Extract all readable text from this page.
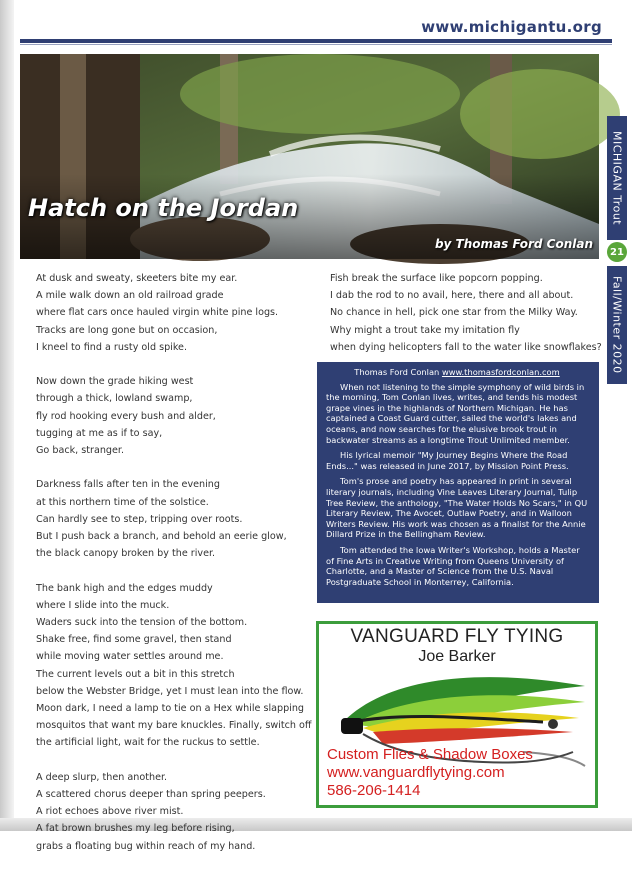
www.michigantu.org
Hatch on the Jordan
by Thomas Ford Conlan
MICHIGAN Trout
21
Fall/Winter 2020
At dusk and sweaty, skeeters bite my ear.
A mile walk down an old railroad grade
where flat cars once hauled virgin white pine logs.
Tracks are long gone but on occasion,
I kneel to find a rusty old spike.
Now down the grade hiking west
through a thick, lowland swamp,
fly rod hooking every bush and alder,
tugging at me as if to say,
Go back, stranger.
Darkness falls after ten in the evening
at this northern time of the solstice.
Can hardly see to step, tripping over roots.
But I push back a branch, and behold an eerie glow,
the black canopy broken by the river.
The bank high and the edges muddy
where I slide into the muck.
Waders suck into the tension of the bottom.
Shake free, find some gravel, then stand
while moving water settles around me.
The current levels out a bit in this stretch
below the Webster Bridge, yet I must lean into the flow.
Moon dark, I need a lamp to tie on a Hex while slapping
mosquitos that want my bare knuckles. Finally, switch off
the artificial light, wait for the ruckus to settle.
A deep slurp, then another.
A scattered chorus deeper than spring peepers.
A riot echoes above river mist.
A fat brown brushes my leg before rising,
grabs a floating bug within reach of my hand.
Fish break the surface like popcorn popping.
I dab the rod to no avail, here, there and all about.
No chance in hell, pick one star from the Milky Way.
Why might a trout take my imitation fly
when dying helicopters fall to the water like snowflakes?
Thomas Ford Conlan www.thomasfordconlan.com

When not listening to the simple symphony of wild birds in the morning, Tom Conlan lives, writes, and tends his modest grape vines in the highlands of Northern Michigan. He has captained a Coast Guard cutter, sailed the world's lakes and oceans, and now searches for the elusive brook trout in backwater streams as a longtime Trout Unlimited member.

His lyrical memoir "My Journey Begins Where the Road Ends..." was released in June 2017, by Mission Point Press.

Tom's prose and poetry has appeared in print in several literary journals, including Vine Leaves Literary Journal, Tulip Tree Review, the anthology, "The Water Holds No Scars," in QU Literary Review, The Avocet, Outlaw Poetry, and in Walloon Writers Review. His work was chosen as a finalist for the Annie Dillard Prize in the Bellingham Review.

Tom attended the Iowa Writer's Workshop, holds a Master of Fine Arts in Creative Writing from Queens University of Charlotte, and a Master of Science from the U.S. Naval Postgraduate School in Monterrey, California.

VANGUARD FLY TYING
Joe Barker
Custom Flies & Shadow Boxes
www.vanguardflytying.com
586-206-1414
